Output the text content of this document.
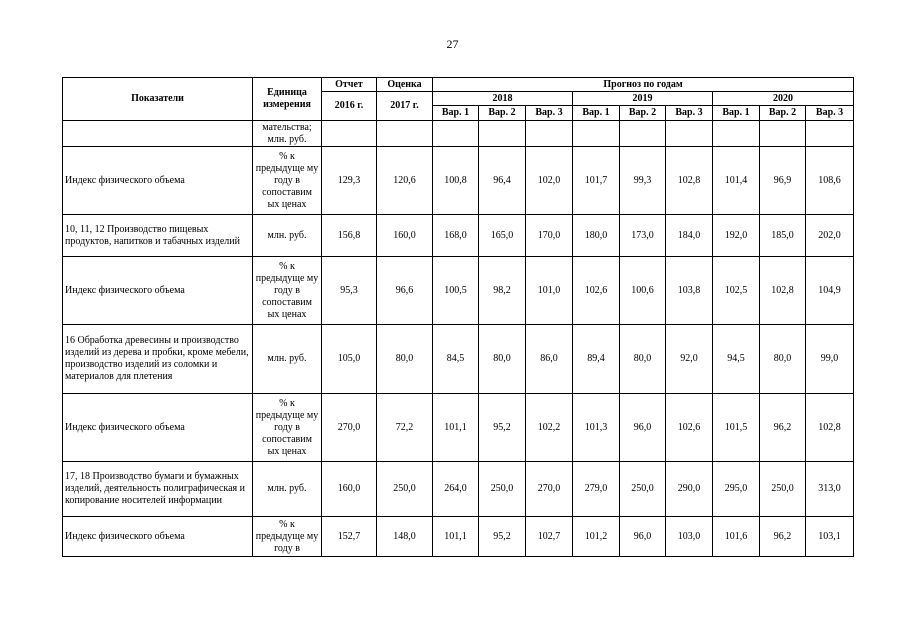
27
Показатели	Единица измерения	Отчет	Оценка	Прогноз по годам								
		2016 г.	2017 г.	2018			2019			2020		
				Вар. 1	Вар. 2	Вар. 3	Вар. 1	Вар. 2	Вар. 3	Вар. 1	Вар. 2	Вар. 3
	мательства; млн. руб.											
Индекс физического объема	% к предыдуще му году в сопоставим ых ценах	129,3	120,6	100,8	96,4	102,0	101,7	99,3	102,8	101,4	96,9	108,6
10, 11, 12 Производство пищевых продуктов, напитков и табачных изделий	млн. руб.	156,8	160,0	168,0	165,0	170,0	180,0	173,0	184,0	192,0	185,0	202,0
Индекс физического объема	% к предыдуще му году в сопоставим ых ценах	95,3	96,6	100,5	98,2	101,0	102,6	100,6	103,8	102,5	102,8	104,9
16 Обработка древесины и производство изделий из дерева и пробки, кроме мебели, производство изделий из соломки и материалов для плетения	млн. руб.	105,0	80,0	84,5	80,0	86,0	89,4	80,0	92,0	94,5	80,0	99,0
Индекс физического объема	% к предыдуще му году в сопоставим ых ценах	270,0	72,2	101,1	95,2	102,2	101,3	96,0	102,6	101,5	96,2	102,8
17, 18 Производство бумаги и бумажных изделий, деятельность полиграфическая и копирование носителей информации	млн. руб.	160,0	250,0	264,0	250,0	270,0	279,0	250,0	290,0	295,0	250,0	313,0
Индекс физического объема	% к предыдуще му году в	152,7	148,0	101,1	95,2	102,7	101,2	96,0	103,0	101,6	96,2	103,1
